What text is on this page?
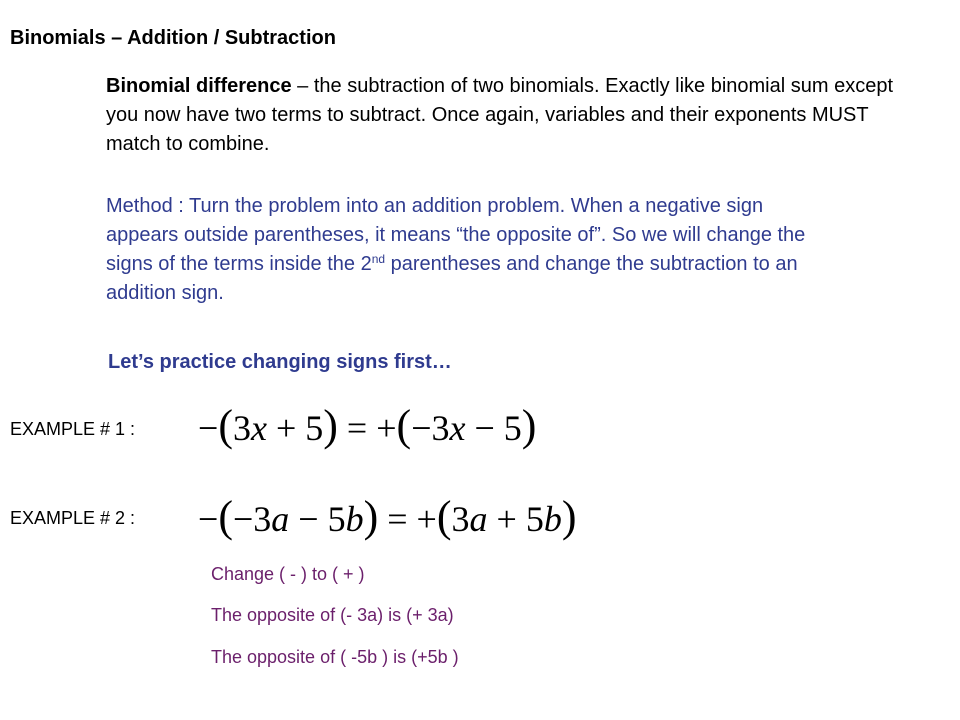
Binomials – Addition / Subtraction
Binomial difference – the subtraction of two binomials. Exactly like binomial sum except you now have two terms to subtract. Once again, variables and their exponents MUST match to combine.
Method : Turn the problem into an addition problem. When a negative sign appears outside parentheses, it means “the opposite of”. So we will change the signs of the terms inside the 2nd parentheses and change the subtraction to an addition sign.
Let’s practice changing signs first…
EXAMPLE # 1 : −(3x + 5) = +(−3x − 5)
EXAMPLE # 2 : −(−3a − 5b) = +(3a + 5b)
Change ( - ) to ( + )
The opposite of (- 3a) is (+ 3a)
The opposite of ( -5b ) is (+5b )
